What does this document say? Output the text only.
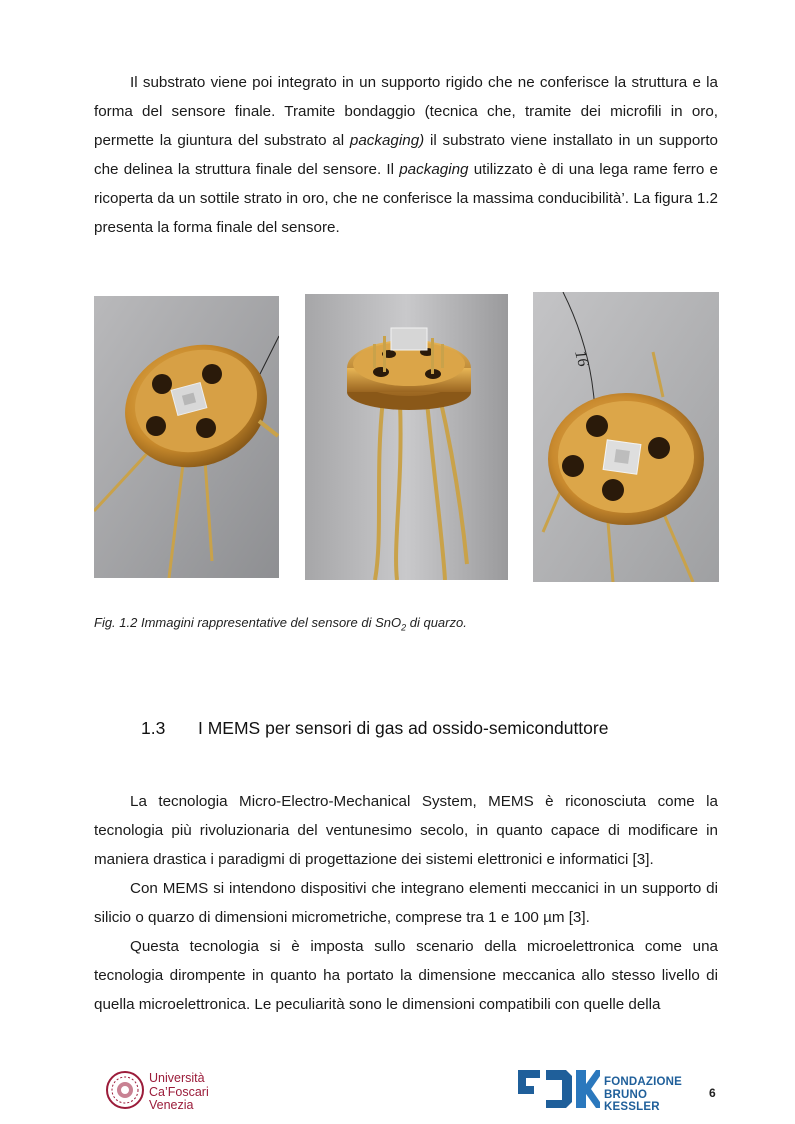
Il substrato viene poi integrato in un supporto rigido che ne conferisce la struttura e la forma del sensore finale. Tramite bondaggio (tecnica che, tramite dei microfili in oro, permette la giuntura del substrato al packaging) il substrato viene installato in un supporto che delinea la struttura finale del sensore. Il packaging utilizzato è di una lega rame ferro e ricoperta da un sottile strato in oro, che ne conferisce la massima conducibilità’. La figura 1.2 presenta la forma finale del sensore.

16
Fig. 1.2 Immagini rappresentative del sensore di SnO$_2$ di quarzo.
1.3 I MEMS per sensori di gas ad ossido-semiconduttore

La tecnologia Micro-Electro-Mechanical System, MEMS è riconosciuta come la tecnologia più rivoluzionaria del ventunesimo secolo, in quanto capace di modificare in maniera drastica i paradigmi di progettazione dei sistemi elettronici e informatici [3].

Con MEMS si intendono dispositivi che integrano elementi meccanici in un supporto di silicio o quarzo di dimensioni micrometriche, comprese tra 1 e 100 µm [3].

Questa tecnologia si è imposta sullo scenario della microelettronica come una tecnologia dirompente in quanto ha portato la dimensione meccanica allo stesso livello di quella microelettronica. Le peculiarità sono le dimensioni compatibili con quelle della

Università
Ca’Foscari
Venezia
FONDAZIONE
BRUNO KESSLER
6
